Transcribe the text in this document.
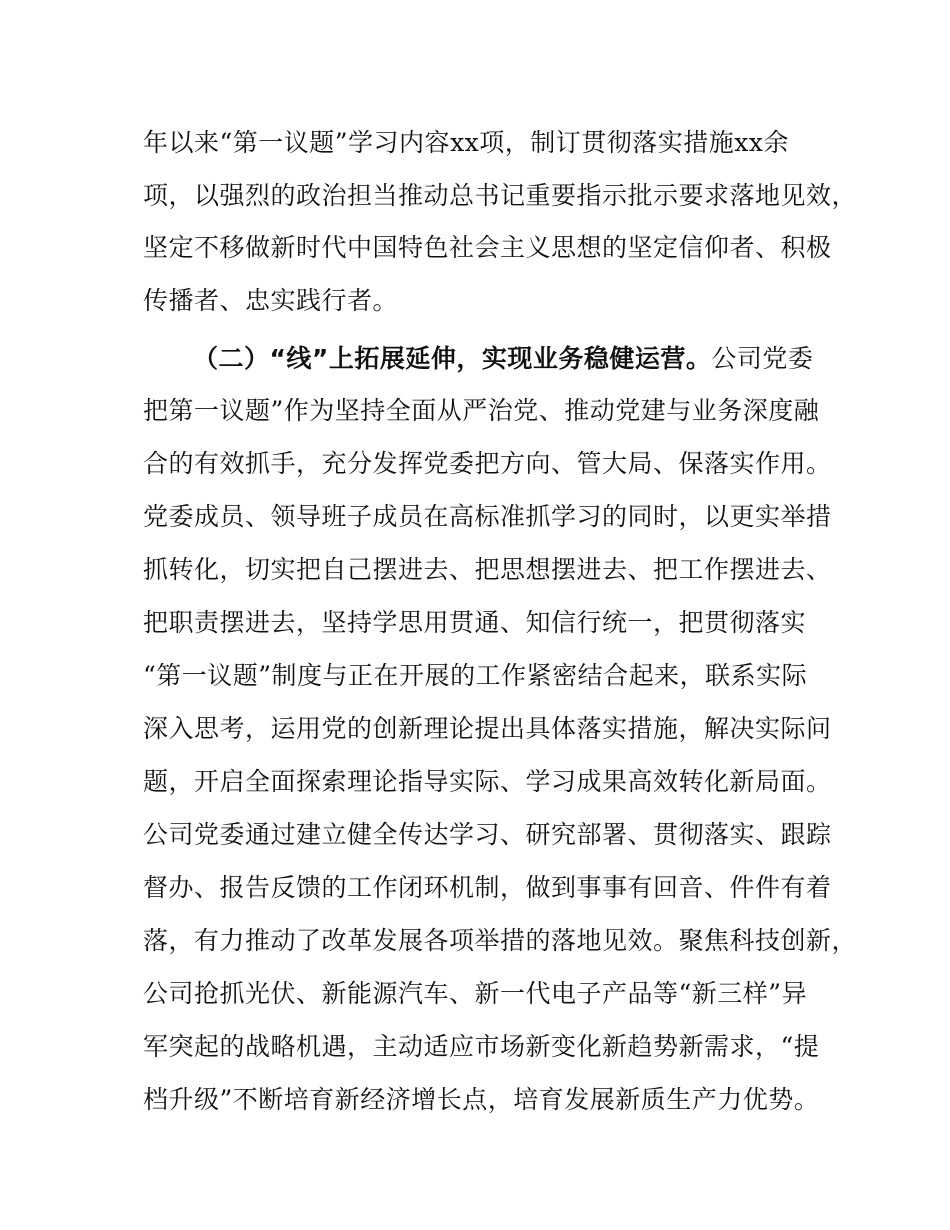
年以来“第一议题”学习内容xx项，制订贯彻落实措施xx余
项，以强烈的政治担当推动总书记重要指示批示要求落地见效，
坚定不移做新时代中国特色社会主义思想的坚定信仰者、积极
传播者、忠实践行者。
（二）“线”上拓展延伸，实现业务稳健运营。公司党委
把第一议题”作为坚持全面从严治党、推动党建与业务深度融
合的有效抓手，充分发挥党委把方向、管大局、保落实作用。
党委成员、领导班子成员在高标准抓学习的同时，以更实举措
抓转化，切实把自己摆进去、把思想摆进去、把工作摆进去、
把职责摆进去，坚持学思用贯通、知信行统一，把贯彻落实
“第一议题”制度与正在开展的工作紧密结合起来，联系实际
深入思考，运用党的创新理论提出具体落实措施，解决实际问
题，开启全面探索理论指导实际、学习成果高效转化新局面。
公司党委通过建立健全传达学习、研究部署、贯彻落实、跟踪
督办、报告反馈的工作闭环机制，做到事事有回音、件件有着
落，有力推动了改革发展各项举措的落地见效。聚焦科技创新，
公司抢抓光伏、新能源汽车、新一代电子产品等“新三样”异
军突起的战略机遇，主动适应市场新变化新趋势新需求，“提
档升级”不断培育新经济增长点，培育发展新质生产力优势。
